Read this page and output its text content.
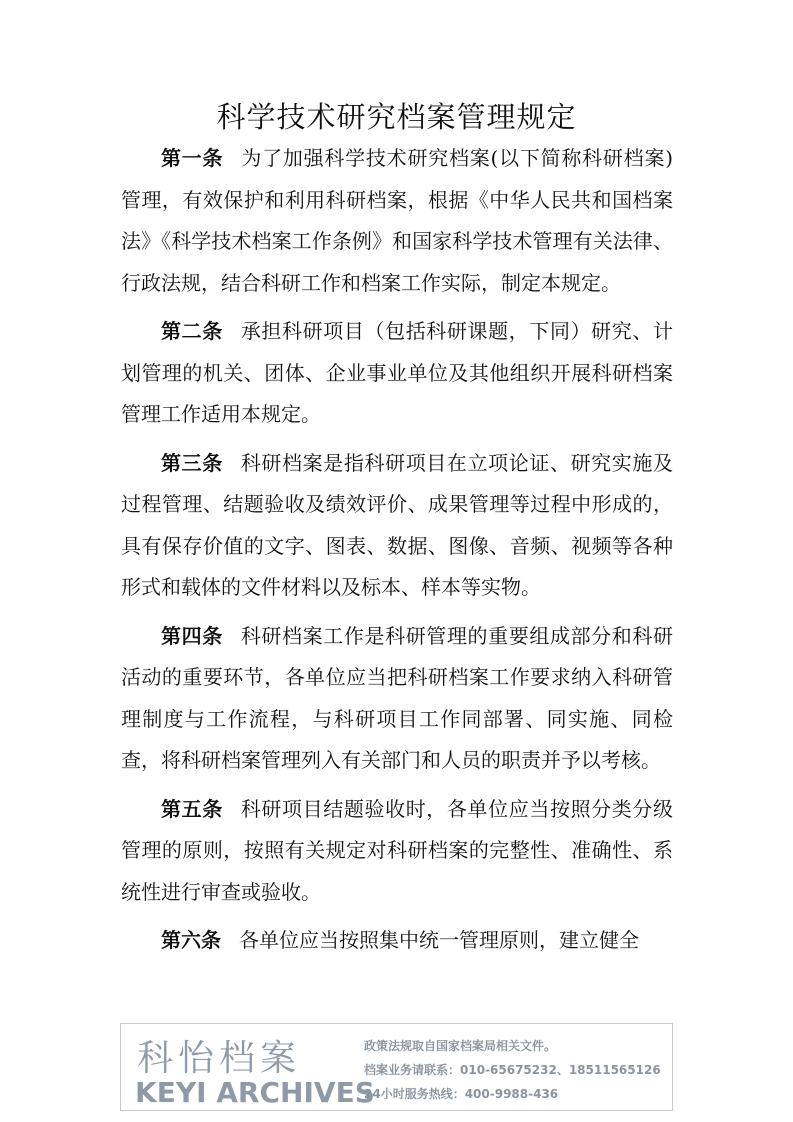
科学技术研究档案管理规定

第一条 为了加强科学技术研究档案(以下简称科研档案)管理，有效保护和利用科研档案，根据《中华人民共和国档案法》《科学技术档案工作条例》和国家科学技术管理有关法律、行政法规，结合科研工作和档案工作实际，制定本规定。

第二条 承担科研项目（包括科研课题，下同）研究、计划管理的机关、团体、企业事业单位及其他组织开展科研档案管理工作适用本规定。

第三条 科研档案是指科研项目在立项论证、研究实施及过程管理、结题验收及绩效评价、成果管理等过程中形成的，具有保存价值的文字、图表、数据、图像、音频、视频等各种形式和载体的文件材料以及标本、样本等实物。

第四条 科研档案工作是科研管理的重要组成部分和科研活动的重要环节，各单位应当把科研档案工作要求纳入科研管理制度与工作流程，与科研项目工作同部署、同实施、同检查，将科研档案管理列入有关部门和人员的职责并予以考核。

第五条 科研项目结题验收时，各单位应当按照分类分级管理的原则，按照有关规定对科研档案的完整性、准确性、系统性进行审查或验收。

第六条 各单位应当按照集中统一管理原则，建立健全

科怡档案
KEYI ARCHIVES
政策法规取自国家档案局相关文件。
档案业务请联系：010-65675232、18511565126
24小时服务热线：400-9988-436
